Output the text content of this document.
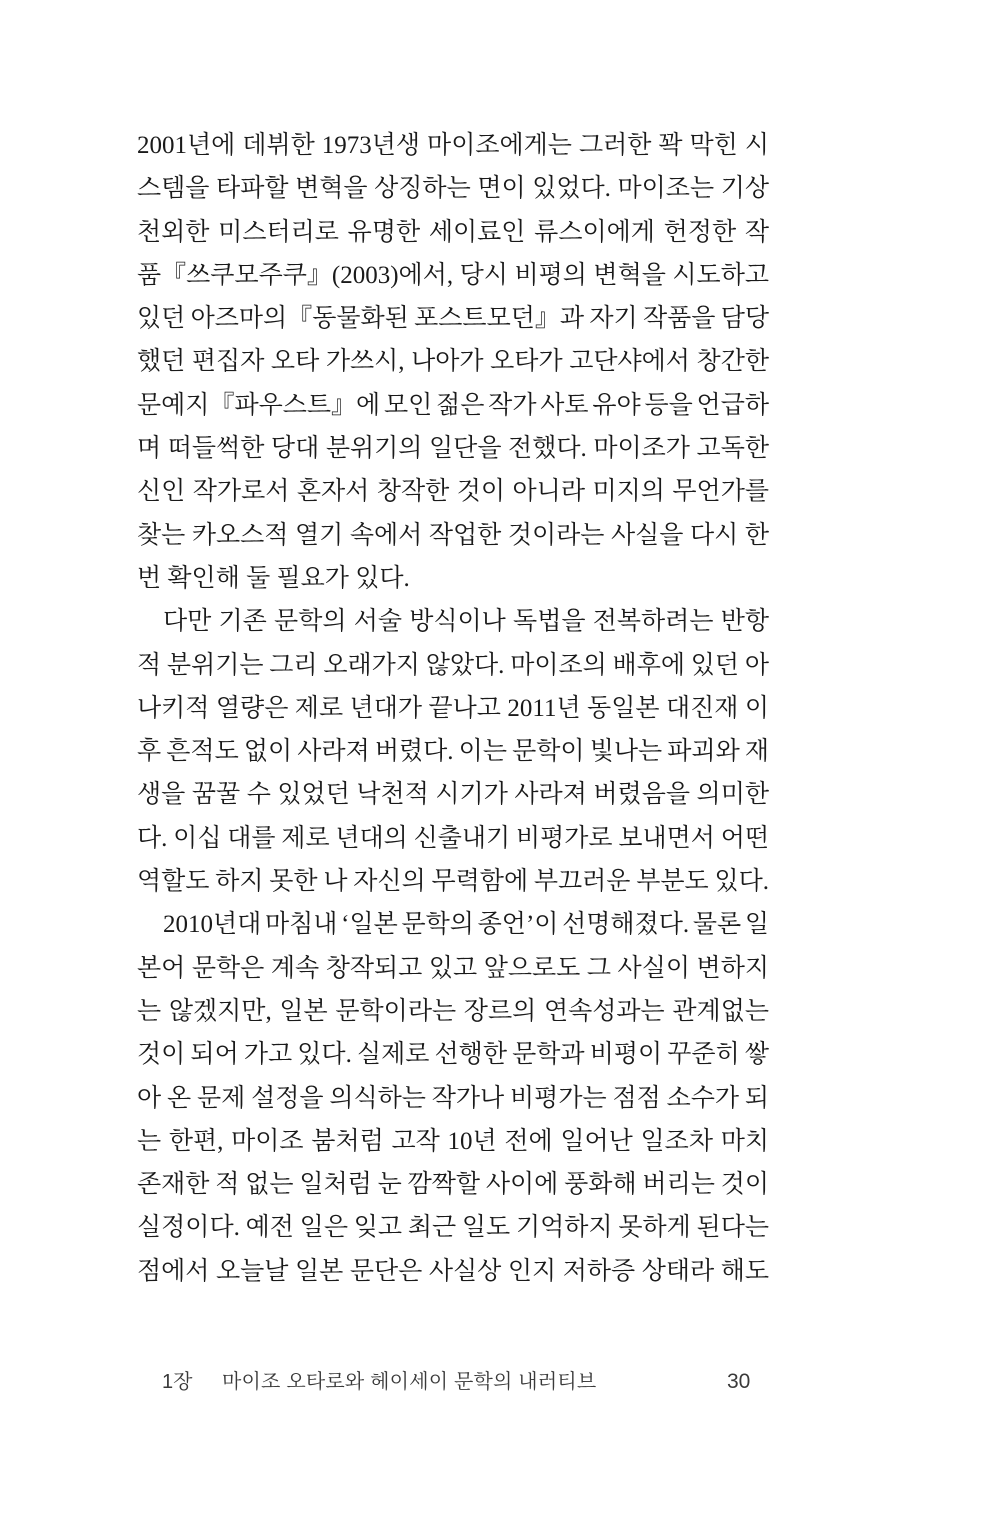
2001년에 데뷔한 1973년생 마이조에게는 그러한 꽉 막힌 시

스템을 타파할 변혁을 상징하는 면이 있었다. 마이조는 기상

천외한 미스터리로 유명한 세이료인 류스이에게 헌정한 작

품『쓰쿠모주쿠』(2003)에서, 당시 비평의 변혁을 시도하고

있던 아즈마의『동물화된 포스트모던』과 자기 작품을 담당

했던 편집자 오타 가쓰시, 나아가 오타가 고단샤에서 창간한

문예지『파우스트』에 모인 젊은 작가 사토 유야 등을 언급하

며 떠들썩한 당대 분위기의 일단을 전했다. 마이조가 고독한

신인 작가로서 혼자서 창작한 것이 아니라 미지의 무언가를

찾는 카오스적 열기 속에서 작업한 것이라는 사실을 다시 한

번 확인해 둘 필요가 있다.

다만 기존 문학의 서술 방식이나 독법을 전복하려는 반항

적 분위기는 그리 오래가지 않았다. 마이조의 배후에 있던 아

나키적 열량은 제로 년대가 끝나고 2011년 동일본 대진재 이

후 흔적도 없이 사라져 버렸다. 이는 문학이 빛나는 파괴와 재

생을 꿈꿀 수 있었던 낙천적 시기가 사라져 버렸음을 의미한

다. 이십 대를 제로 년대의 신출내기 비평가로 보내면서 어떤

역할도 하지 못한 나 자신의 무력함에 부끄러운 부분도 있다.

2010년대 마침내 ‘일본 문학의 종언’이 선명해졌다. 물론 일

본어 문학은 계속 창작되고 있고 앞으로도 그 사실이 변하지

는 않겠지만, 일본 문학이라는 장르의 연속성과는 관계없는

것이 되어 가고 있다. 실제로 선행한 문학과 비평이 꾸준히 쌓

아 온 문제 설정을 의식하는 작가나 비평가는 점점 소수가 되

는 한편, 마이조 붐처럼 고작 10년 전에 일어난 일조차 마치

존재한 적 없는 일처럼 눈 깜짝할 사이에 풍화해 버리는 것이

실정이다. 예전 일은 잊고 최근 일도 기억하지 못하게 된다는

점에서 오늘날 일본 문단은 사실상 인지 저하증 상태라 해도

1장 마이조 오타로와 헤이세이 문학의 내러티브	30
